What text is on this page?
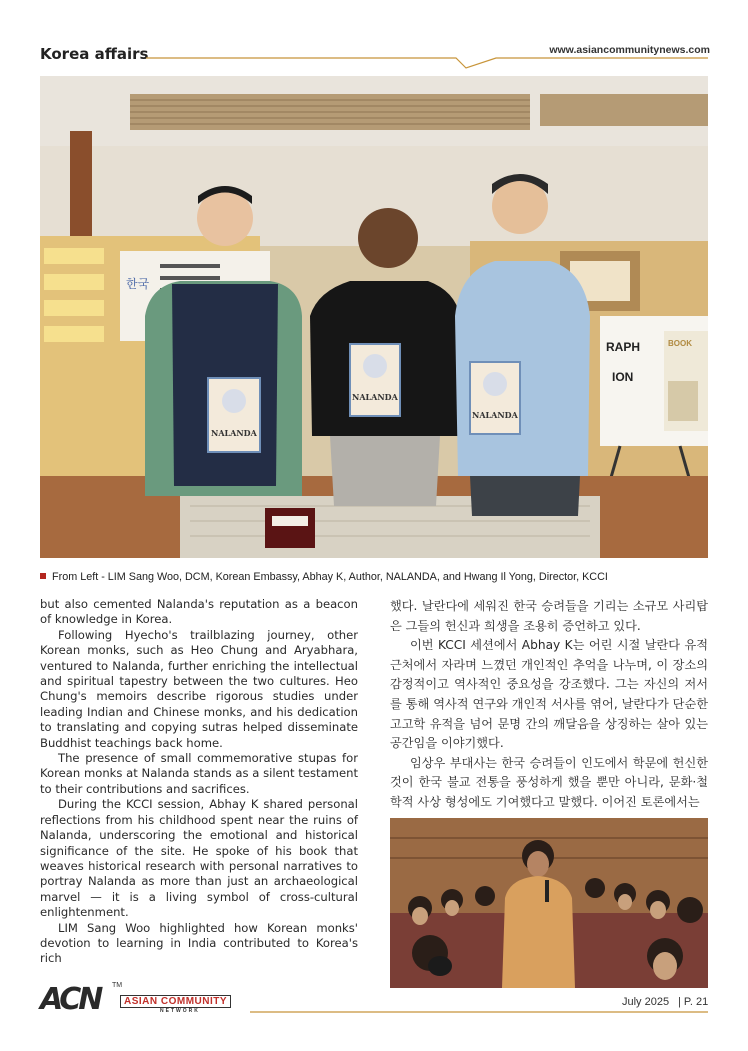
Korea affairs	www.asiancommunitynews.com
한국
RAPH
ION
BOOK
NALANDA
NALANDA
NALANDA
From Left - LIM Sang Woo, DCM, Korean Embassy, Abhay K, Author, NALANDA, and Hwang Il Yong, Director, KCCI

but also cemented Nalanda's reputation as a beacon of knowledge in Korea.

Following Hyecho's trailblazing journey, other Korean monks, such as Heo Chung and Aryabhara, ventured to Nalanda, further enriching the intellectual and spiritual tapestry between the two cultures. Heo Chung's memoirs describe rigorous studies under leading Indian and Chinese monks, and his dedication to translating and copying sutras helped disseminate Buddhist teachings back home.

The presence of small commemorative stupas for Korean monks at Nalanda stands as a silent testament to their contributions and sacrifices.

During the KCCI session, Abhay K shared personal reflections from his childhood spent near the ruins of Nalanda, underscoring the emotional and historical significance of the site. He spoke of his book that weaves historical research with personal narratives to portray Nalanda as more than just an archaeological marvel — it is a living symbol of cross-cultural enlightenment.

LIM Sang Woo highlighted how Korean monks' devotion to learning in India contributed to Korea's rich

했다. 날란다에 세워진 한국 승려들을 기리는 소규모 사리탑은 그들의 헌신과 희생을 조용히 증언하고 있다.

이번 KCCI 세션에서 Abhay K는 어린 시절 날란다 유적 근처에서 자라며 느꼈던 개인적인 추억을 나누며, 이 장소의 감정적이고 역사적인 중요성을 강조했다. 그는 자신의 저서를 통해 역사적 연구와 개인적 서사를 엮어, 날란다가 단순한 고고학 유적을 넘어 문명 간의 깨달음을 상징하는 살아 있는 공간임을 이야기했다.

임상우 부대사는 한국 승려들이 인도에서 학문에 헌신한 것이 한국 불교 전통을 풍성하게 했을 뿐만 아니라, 문화·철학적 사상 형성에도 기여했다고 말했다. 이어진 토론에서는

ACN TM
ASIAN COMMUNITY
NETWORK
July 2025 | P. 21
